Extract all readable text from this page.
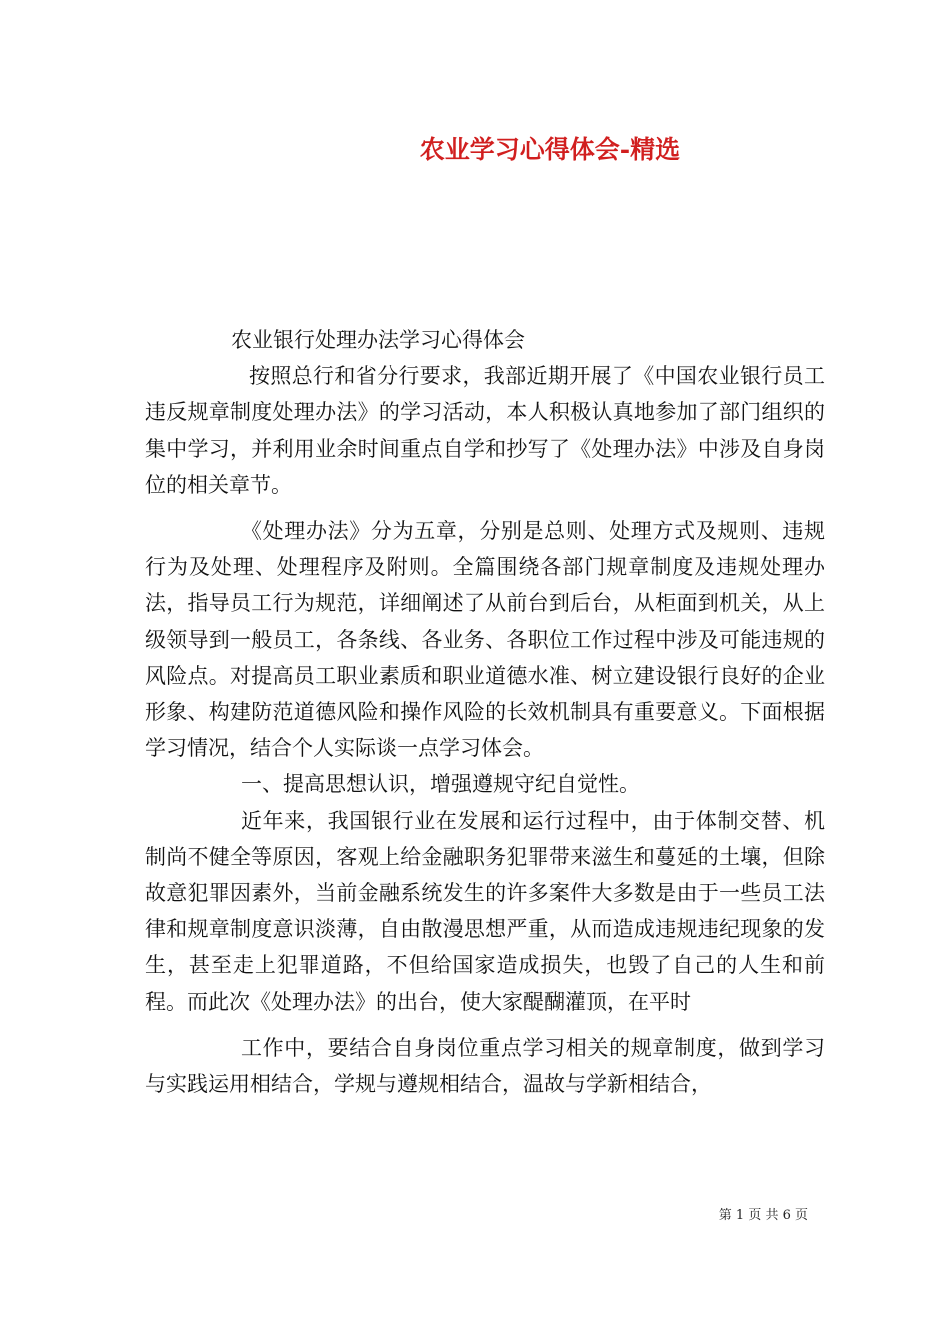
农业学习心得体会-精选

农业银行处理办法学习心得体会

按照总行和省分行要求，我部近期开展了《中国农业银行员工违反规章制度处理办法》的学习活动，本人积极认真地参加了部门组织的集中学习，并利用业余时间重点自学和抄写了《处理办法》中涉及自身岗位的相关章节。

《处理办法》分为五章，分别是总则、处理方式及规则、违规行为及处理、处理程序及附则。全篇围绕各部门规章制度及违规处理办法，指导员工行为规范，详细阐述了从前台到后台，从柜面到机关，从上级领导到一般员工，各条线、各业务、各职位工作过程中涉及可能违规的风险点。对提高员工职业素质和职业道德水准、树立建设银行良好的企业形象、构建防范道德风险和操作风险的长效机制具有重要意义。下面根据学习情况，结合个人实际谈一点学习体会。

一、提高思想认识，增强遵规守纪自觉性。

近年来，我国银行业在发展和运行过程中，由于体制交替、机制尚不健全等原因，客观上给金融职务犯罪带来滋生和蔓延的土壤，但除故意犯罪因素外，当前金融系统发生的许多案件大多数是由于一些员工法律和规章制度意识淡薄，自由散漫思想严重，从而造成违规违纪现象的发生，甚至走上犯罪道路，不但给国家造成损失，也毁了自己的人生和前程。而此次《处理办法》的出台，使大家醍醐灌顶，在平时

工作中，要结合自身岗位重点学习相关的规章制度，做到学习与实践运用相结合，学规与遵规相结合，温故与学新相结合，

第 1 页 共 6 页
